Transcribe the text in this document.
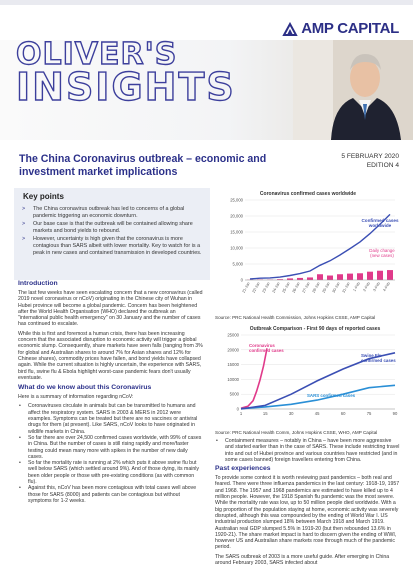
AMP CAPITAL
OLIVER'S
INSIGHTS
The China Coronavirus outbreak – economic and investment market implications
5 FEBRUARY 2020
EDITION 4
Key points
> The China coronavirus outbreak has led to concerns of a global pandemic triggering an economic downturn.
> Our base case is that the outbreak will be contained allowing share markets and bond yields to rebound.
> However, uncertainty is high given that the coronavirus is more contagious than SARS albeit with lower mortality. Key to watch for is a peak in new cases and contained transmission in developed countries.
Introduction

The last few weeks have seen escalating concern that a new coronavirus (called 2019 novel coronavirus or nCoV) originating in the Chinese city of Wuhan in Hubei province will become a global pandemic. Concern has been heightened after the World Health Organisation (WHO) declared the outbreak an "international public health emergency" on 30 January and the number of cases has continued to escalate.

While this is first and foremost a human crisis, there has been increasing concern that the associated disruption to economic activity will trigger a global economic slump. Consequently, share markets have seen falls (ranging from 3% for global and Australian shares to around 7% for Asian shares and 12% for Chinese shares), commodity prices have fallen, and bond yields have collapsed again. While the current situation is highly uncertain, the experience with SARS, bird flu, swine flu & Ebola highlight worst-case pandemic fears don't usually eventuate.

What do we know about this Coronavirus

Here is a summary of information regarding nCoV:

• Coronaviruses circulate in animals but can be transmitted to humans and affect the respiratory system. SARS in 2003 & MERS in 2012 were examples. Symptoms can be treated but there are no vaccines or antiviral drugs for them (at present). Like SARS, nCoV looks to have originated in wildlife markets in China.
• So far there are over 24,500 confirmed cases worldwide, with 99% of cases in China. But the number of cases is still rising rapidly and more/faster testing could mean many more with spikes in the number of new daily cases.
• So far the mortality rate is running at 2% which puts it above swine flu but well below SARS (which settled around 9%). And of those dying, its mainly been older people or those with pre-existing conditions (as with common flu).
• Against this, nCoV has been more contagious with total cases well above those for SARS (8000) and patients can be contagious but without symptoms for 1-2 weeks.
Coronavirus confirmed cases worldwide
0
5,000
10,000
15,000
20,000
25,000
21-Jan 22-Jan 23-Jan 24-Jan 25-Jan 26-Jan 27-Jan 28-Jan 29-Jan 30-Jan 31-Jan 1-Feb 2-Feb 3-Feb 4-Feb
Confirmed cases
worldwide
Daily change
(new cases)
Source: PRC National Health Commission, Johns Hopkins CSSE, AMP Capital
Outbreak Comparison - First 90 days of reported cases
0
5000
10000
15000
20000
25000
1	15	30	45	60	75	90
Coronavirus
confirmed cases
SARS confirmed cases
Swine Flu
confirmed cases
Source: PRC National Health Comm, Johns Hopkins CSSE, WHO, AMP Capital
• Containment measures – notably in China – have been more aggressive and started earlier than in the case of SARS. These include restricting travel into and out of Hubei province and various countries have restricted (and in some cases banned) foreign travellers entering from China.
Past experiences

To provide some context it is worth reviewing past pandemics – both real and feared. There were three influenza pandemics in the last century: 1918-19, 1957 and 1968. The 1957 and 1968 pandemics are estimated to have killed up to 4 million people. However, the 1918 Spanish flu pandemic was the most severe. While the mortality rate was low, up to 50 million people died worldwide. With a big proportion of the population staying at home, economic activity was severely disrupted, although this was compounded by the ending of World War I. US industrial production slumped 18% between March 1918 and March 1919. Australian real GDP slumped 5.5% in 1919-20 (but then rebounded 13.6% in 1920-21). The share market impact is hard to discern given the ending of WWI, however US and Australian share markets rose through much of the pandemic period.

The SARS outbreak of 2003 is a more useful guide. After emerging in China around February 2003, SARS infected about
